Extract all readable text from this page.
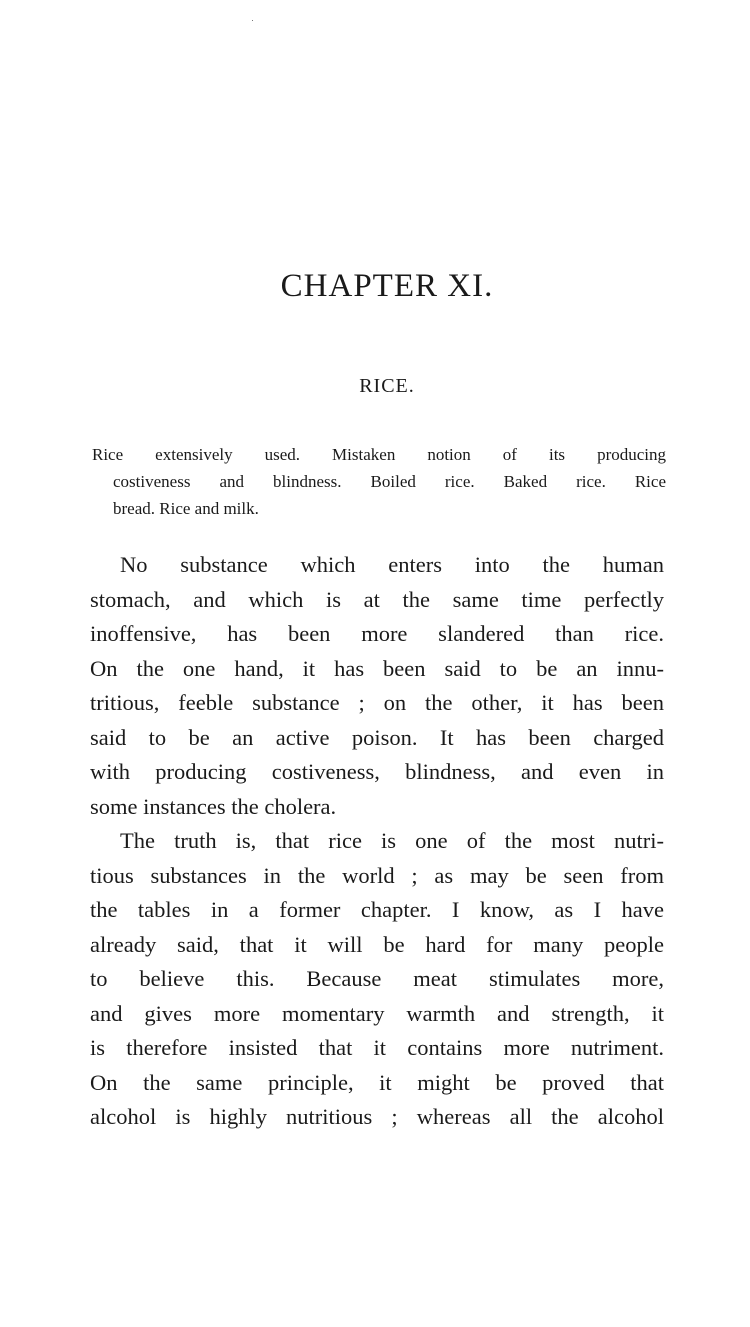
CHAPTER XI.
RICE.
Rice extensively used. Mistaken notion of its producing
costiveness and blindness. Boiled rice. Baked rice. Rice
bread. Rice and milk.
No substance which enters into the human
stomach, and which is at the same time perfectly
inoffensive, has been more slandered than rice.
On the one hand, it has been said to be an innu-
tritious, feeble substance ; on the other, it has been
said to be an active poison. It has been charged
with producing costiveness, blindness, and even in
some instances the cholera.
The truth is, that rice is one of the most nutri-
tious substances in the world ; as may be seen from
the tables in a former chapter. I know, as I have
already said, that it will be hard for many people
to believe this. Because meat stimulates more,
and gives more momentary warmth and strength, it
is therefore insisted that it contains more nutriment.
On the same principle, it might be proved that
alcohol is highly nutritious ; whereas all the alcohol
